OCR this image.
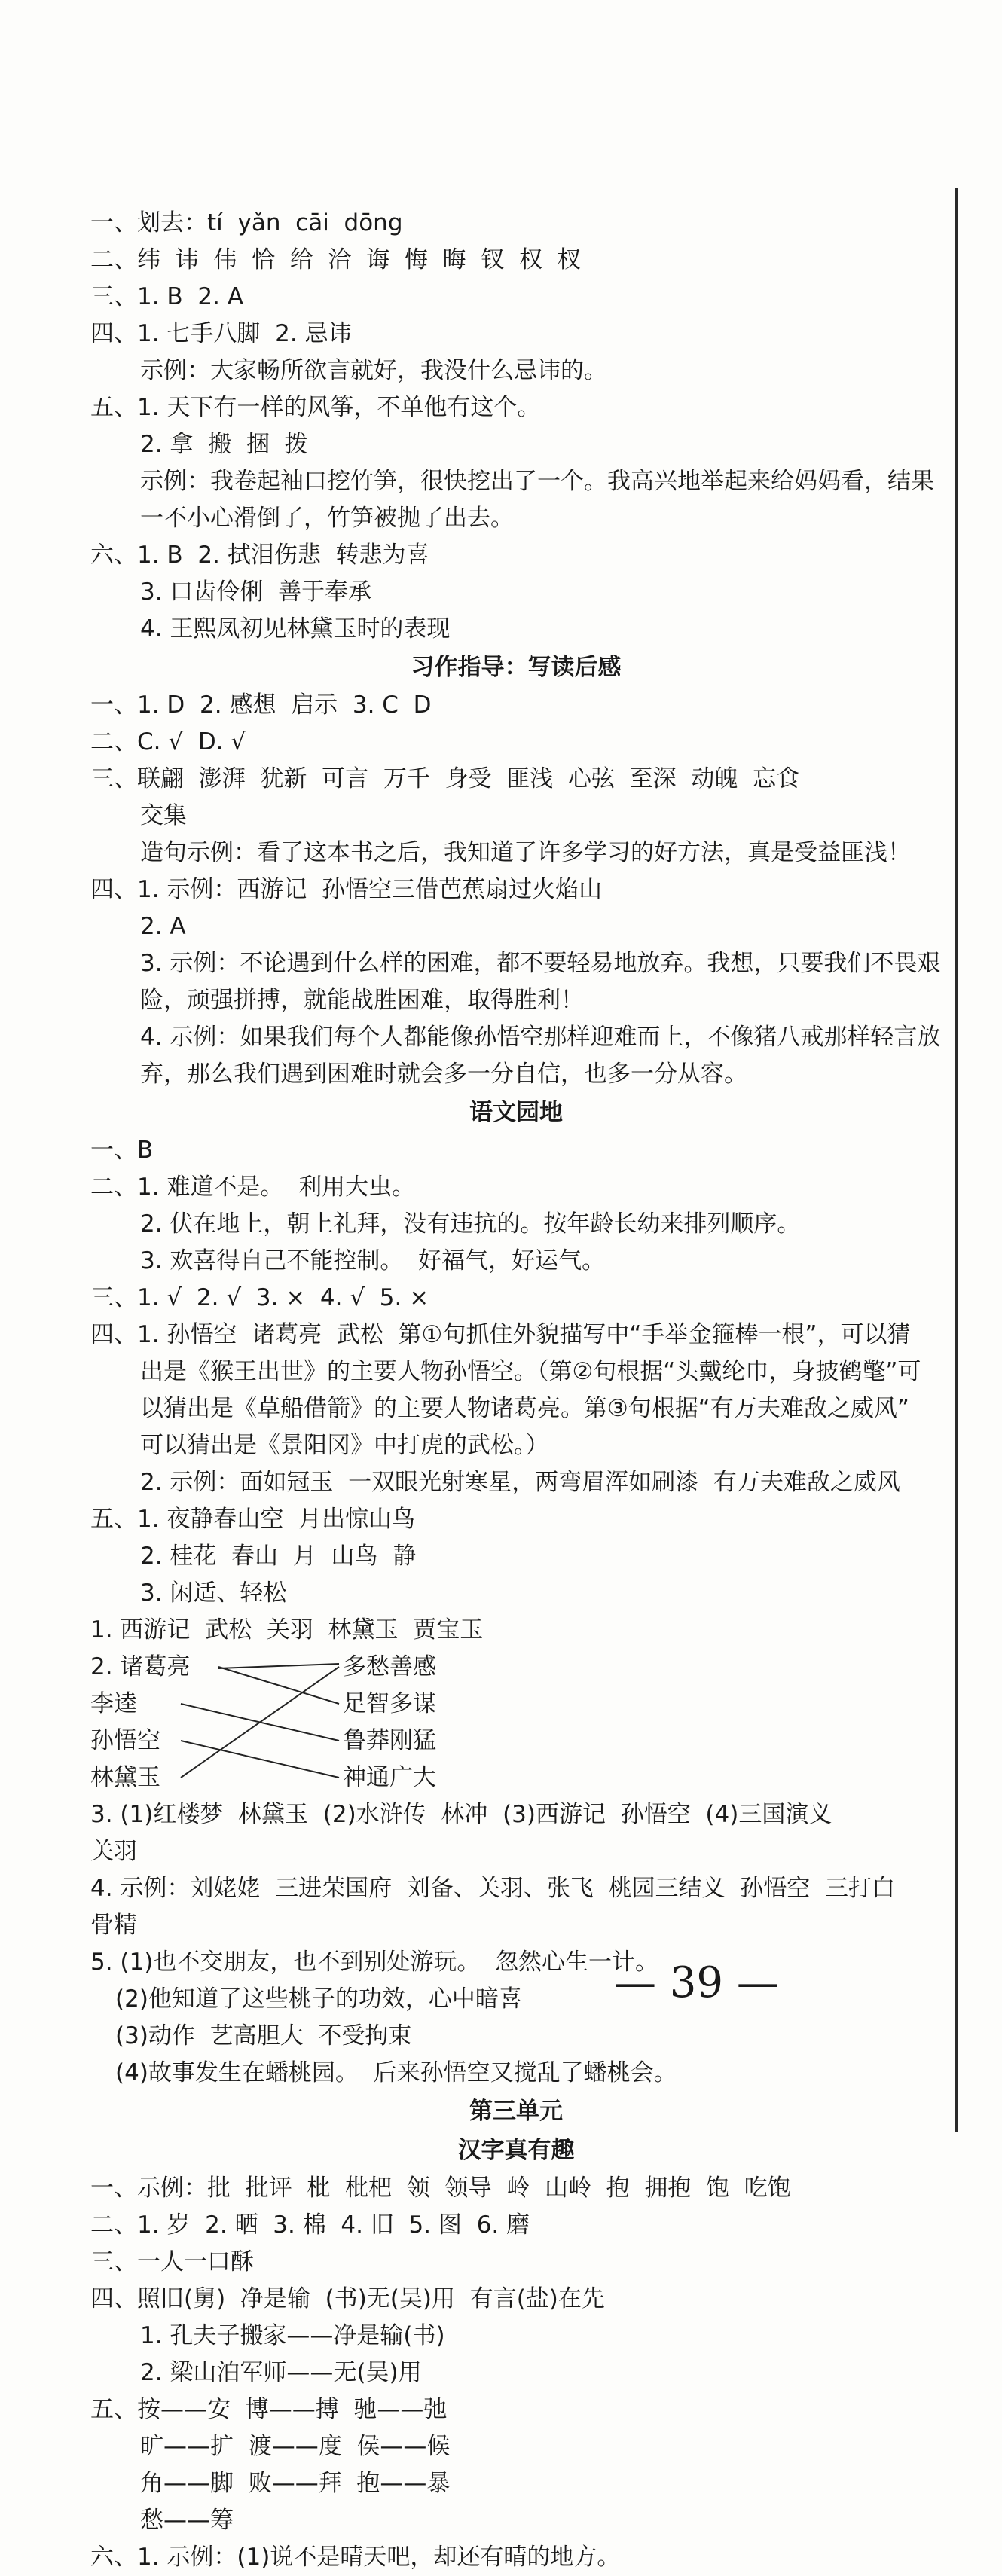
一、划去：tí  yǎn  cāi  dōng

二、纬  讳  伟  恰  给  洽  诲  悔  晦  钗  权  杈

三、1. B  2. A

四、1. 七手八脚  2. 忌讳

示例：大家畅所欲言就好，我没什么忌讳的。

五、1. 天下有一样的风筝，不单他有这个。

2. 拿  搬  捆  拨

示例：我卷起袖口挖竹笋，很快挖出了一个。我高兴地举起来给妈妈看，结果

一不小心滑倒了，竹笋被抛了出去。

六、1. B  2. 拭泪伤悲  转悲为喜

3. 口齿伶俐  善于奉承

4. 王熙凤初见林黛玉时的表现

习作指导：写读后感

一、1. D  2. 感想  启示  3. C  D

二、C. √  D. √

三、联翩  澎湃  犹新  可言  万千  身受  匪浅  心弦  至深  动魄  忘食

交集

造句示例：看了这本书之后，我知道了许多学习的好方法，真是受益匪浅！

四、1. 示例：西游记  孙悟空三借芭蕉扇过火焰山

2. A

3. 示例：不论遇到什么样的困难，都不要轻易地放弃。我想，只要我们不畏艰

险，顽强拼搏，就能战胜困难，取得胜利！

4. 示例：如果我们每个人都能像孙悟空那样迎难而上，不像猪八戒那样轻言放

弃，那么我们遇到困难时就会多一分自信，也多一分从容。

语文园地

一、B

二、1. 难道不是。  利用大虫。

2. 伏在地上，朝上礼拜，没有违抗的。按年龄长幼来排列顺序。

3. 欢喜得自己不能控制。  好福气，好运气。

三、1. √  2. √  3. ×  4. √  5. ×

四、1. 孙悟空  诸葛亮  武松  第①句抓住外貌描写中“手举金箍棒一根”，可以猜

出是《猴王出世》的主要人物孙悟空。（第②句根据“头戴纶巾，身披鹤氅”可

以猜出是《草船借箭》的主要人物诸葛亮。第③句根据“有万夫难敌之威风”

可以猜出是《景阳冈》中打虎的武松。）

2. 示例：面如冠玉  一双眼光射寒星，两弯眉浑如刷漆  有万夫难敌之威风

五、1. 夜静春山空  月出惊山鸟

2. 桂花  春山  月  山鸟  静

3. 闲适、轻松

1. 西游记  武松  关羽  林黛玉  贾宝玉

2. 诸葛亮
李逵
孙悟空
林黛玉
多愁善感
足智多谋
鲁莽刚猛
神通广大

3. (1)红楼梦  林黛玉  (2)水浒传  林冲  (3)西游记  孙悟空  (4)三国演义

关羽

4. 示例：刘姥姥  三进荣国府  刘备、关羽、张飞  桃园三结义  孙悟空  三打白

骨精

5. (1)也不交朋友，也不到别处游玩。  忽然心生一计。

(2)他知道了这些桃子的功效，心中暗喜

(3)动作  艺高胆大  不受拘束

(4)故事发生在蟠桃园。  后来孙悟空又搅乱了蟠桃会。

第三单元

汉字真有趣

一、示例：批  批评  枇  枇杷  领  领导  岭  山岭  抱  拥抱  饱  吃饱

二、1. 岁  2. 晒  3. 棉  4. 旧  5. 图  6. 磨

三、一人一口酥

四、照旧(舅)  净是输  (书)无(吴)用  有言(盐)在先

1. 孔夫子搬家——净是输(书)

2. 梁山泊军师——无(吴)用

五、按——安  博——搏  驰——弛

旷——扩  渡——度  侯——候

角——脚  败——拜  抱——暴

愁——筹

六、1. 示例：(1)说不是晴天吧，却还有晴的地方。

— 39 —
